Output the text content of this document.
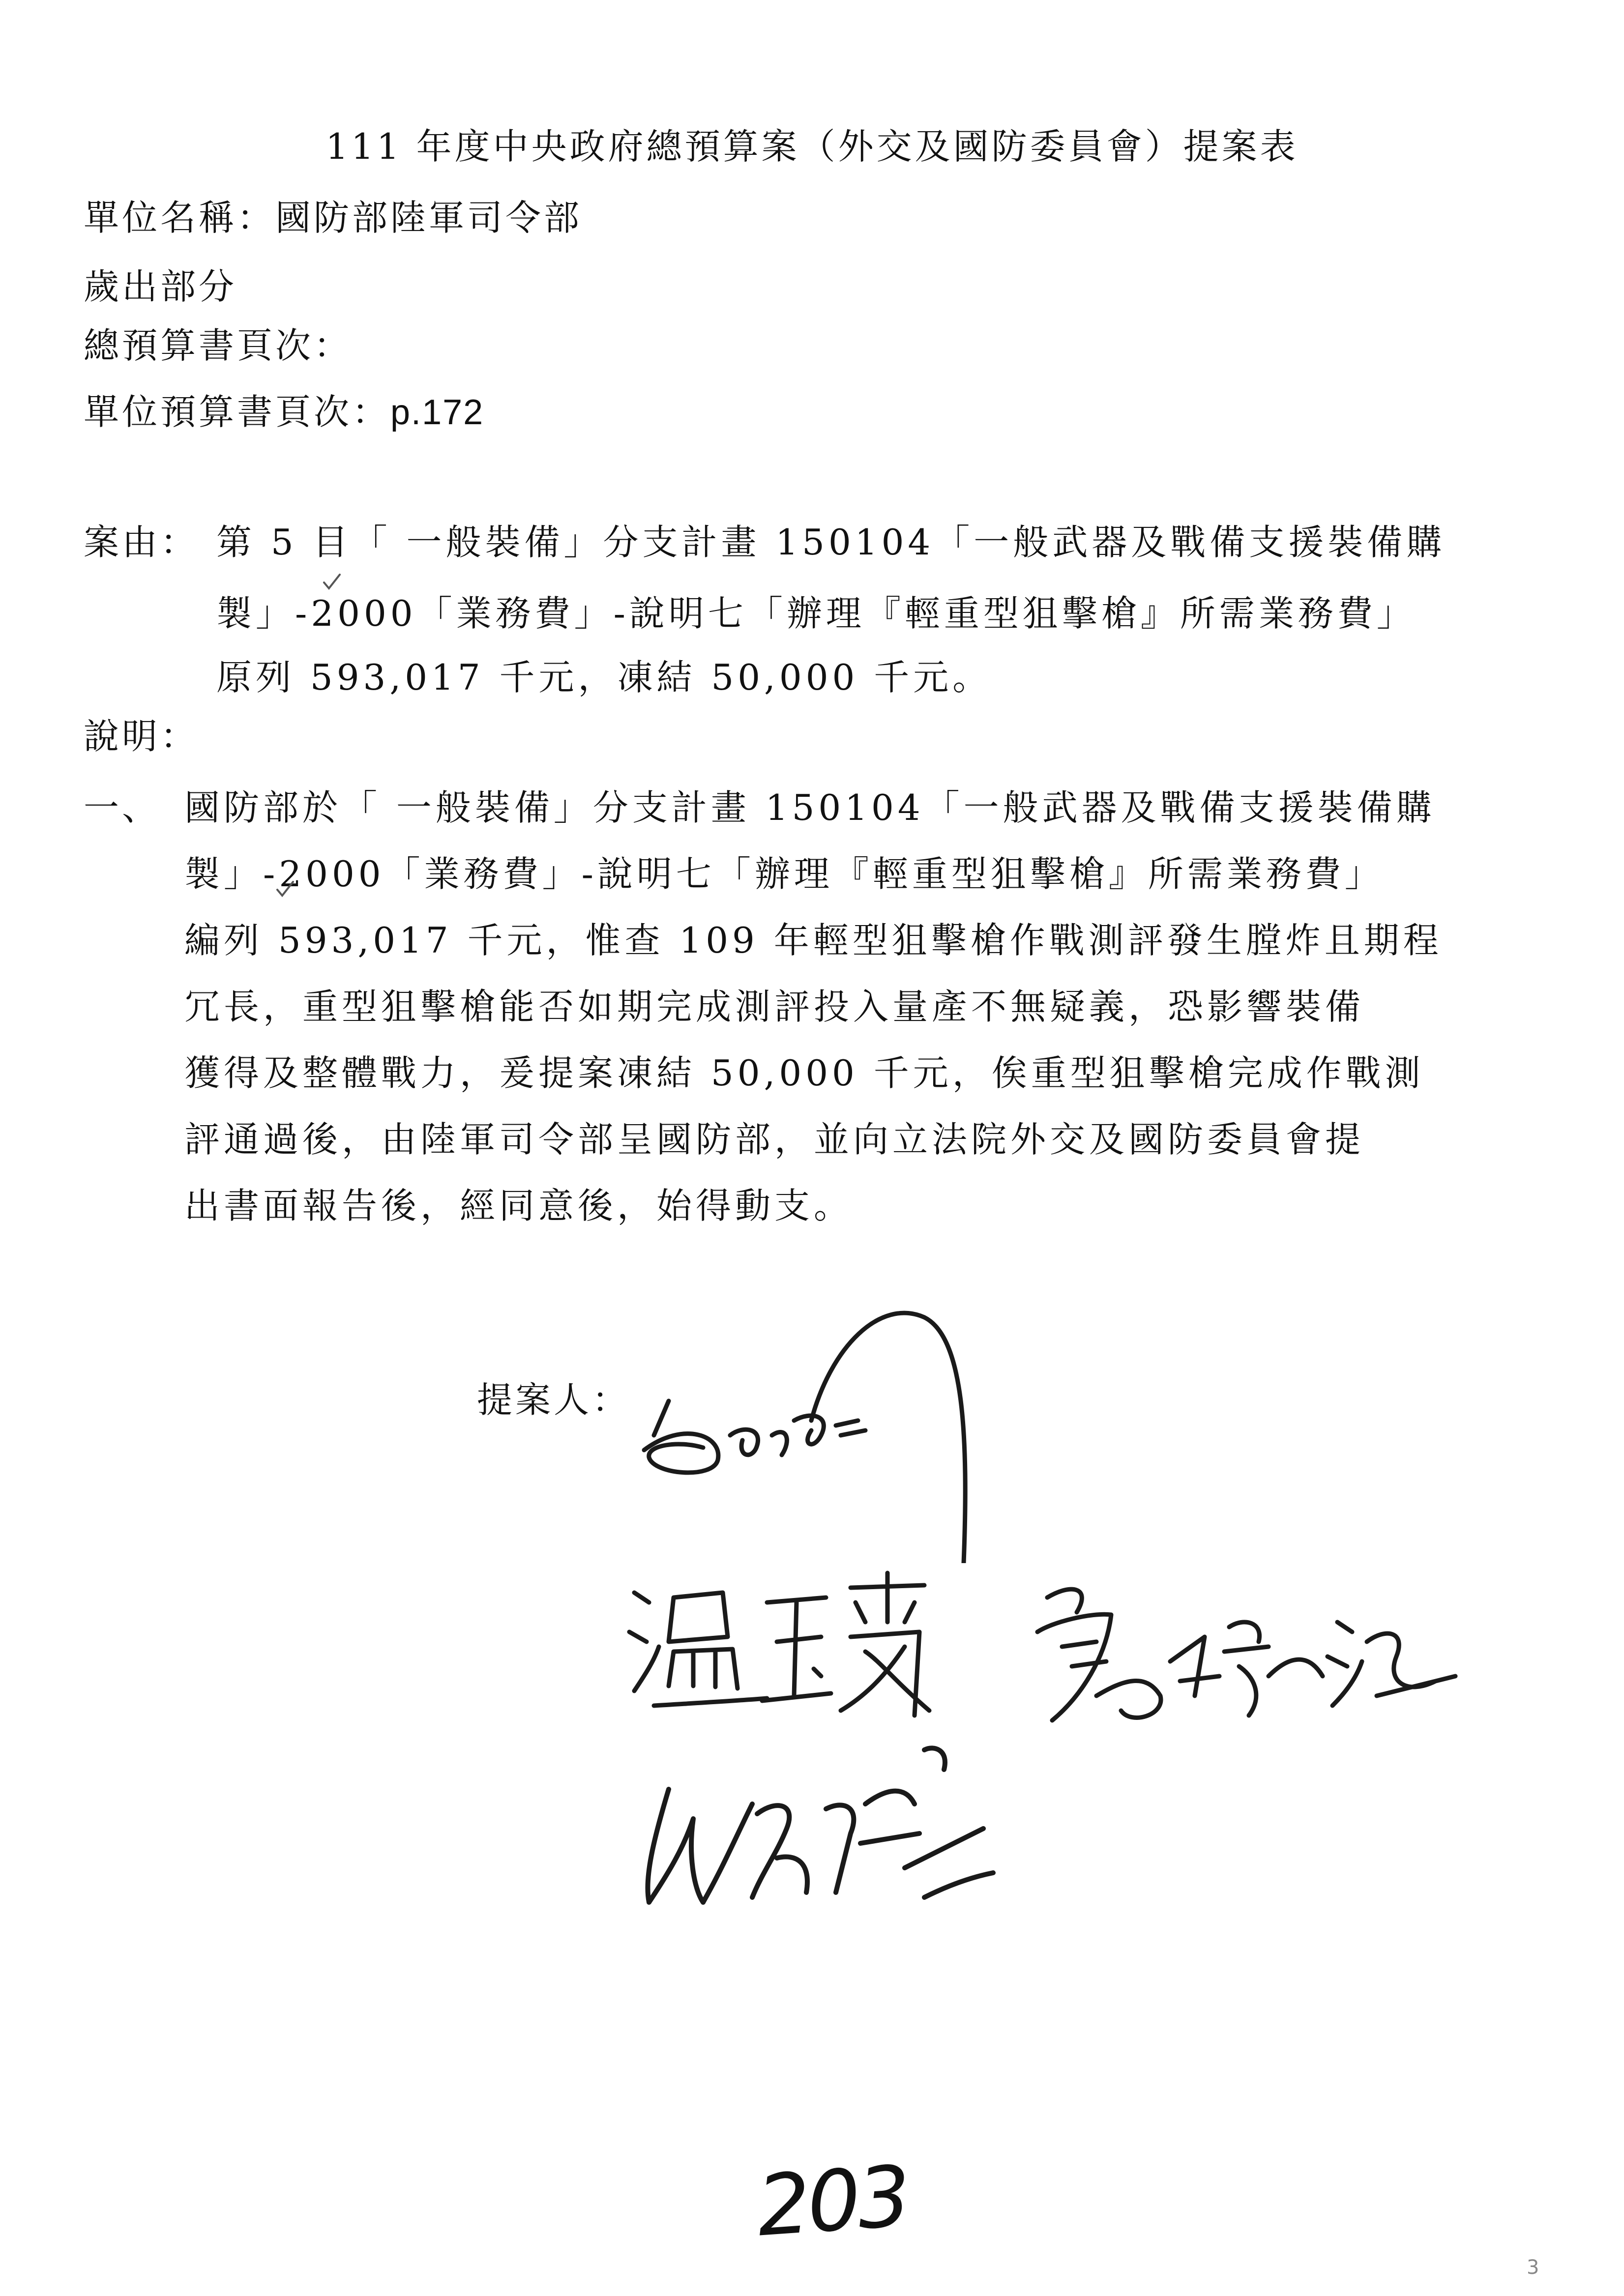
111 年度中央政府總預算案（外交及國防委員會）提案表
單位名稱：國防部陸軍司令部
歲出部分
總預算書頁次：
單位預算書頁次：p.172
案由： 第 5 目「 一般裝備」分支計畫 150104「一般武器及戰備支援裝備購
製」-2000「業務費」-說明七「辦理『輕重型狙擊槍』所需業務費」
原列 593,017 千元，凍結 50,000 千元。
說明：
一、 國防部於「 一般裝備」分支計畫 150104「一般武器及戰備支援裝備購
製」-2000「業務費」-說明七「辦理『輕重型狙擊槍』所需業務費」
編列 593,017 千元，惟查 109 年輕型狙擊槍作戰測評發生膛炸且期程
冗長，重型狙擊槍能否如期完成測評投入量產不無疑義，恐影響裝備
獲得及整體戰力，爰提案凍結 50,000 千元，俟重型狙擊槍完成作戰測
評通過後，由陸軍司令部呈國防部，並向立法院外交及國防委員會提
出書面報告後，經同意後，始得動支。
提案人：
203
3
